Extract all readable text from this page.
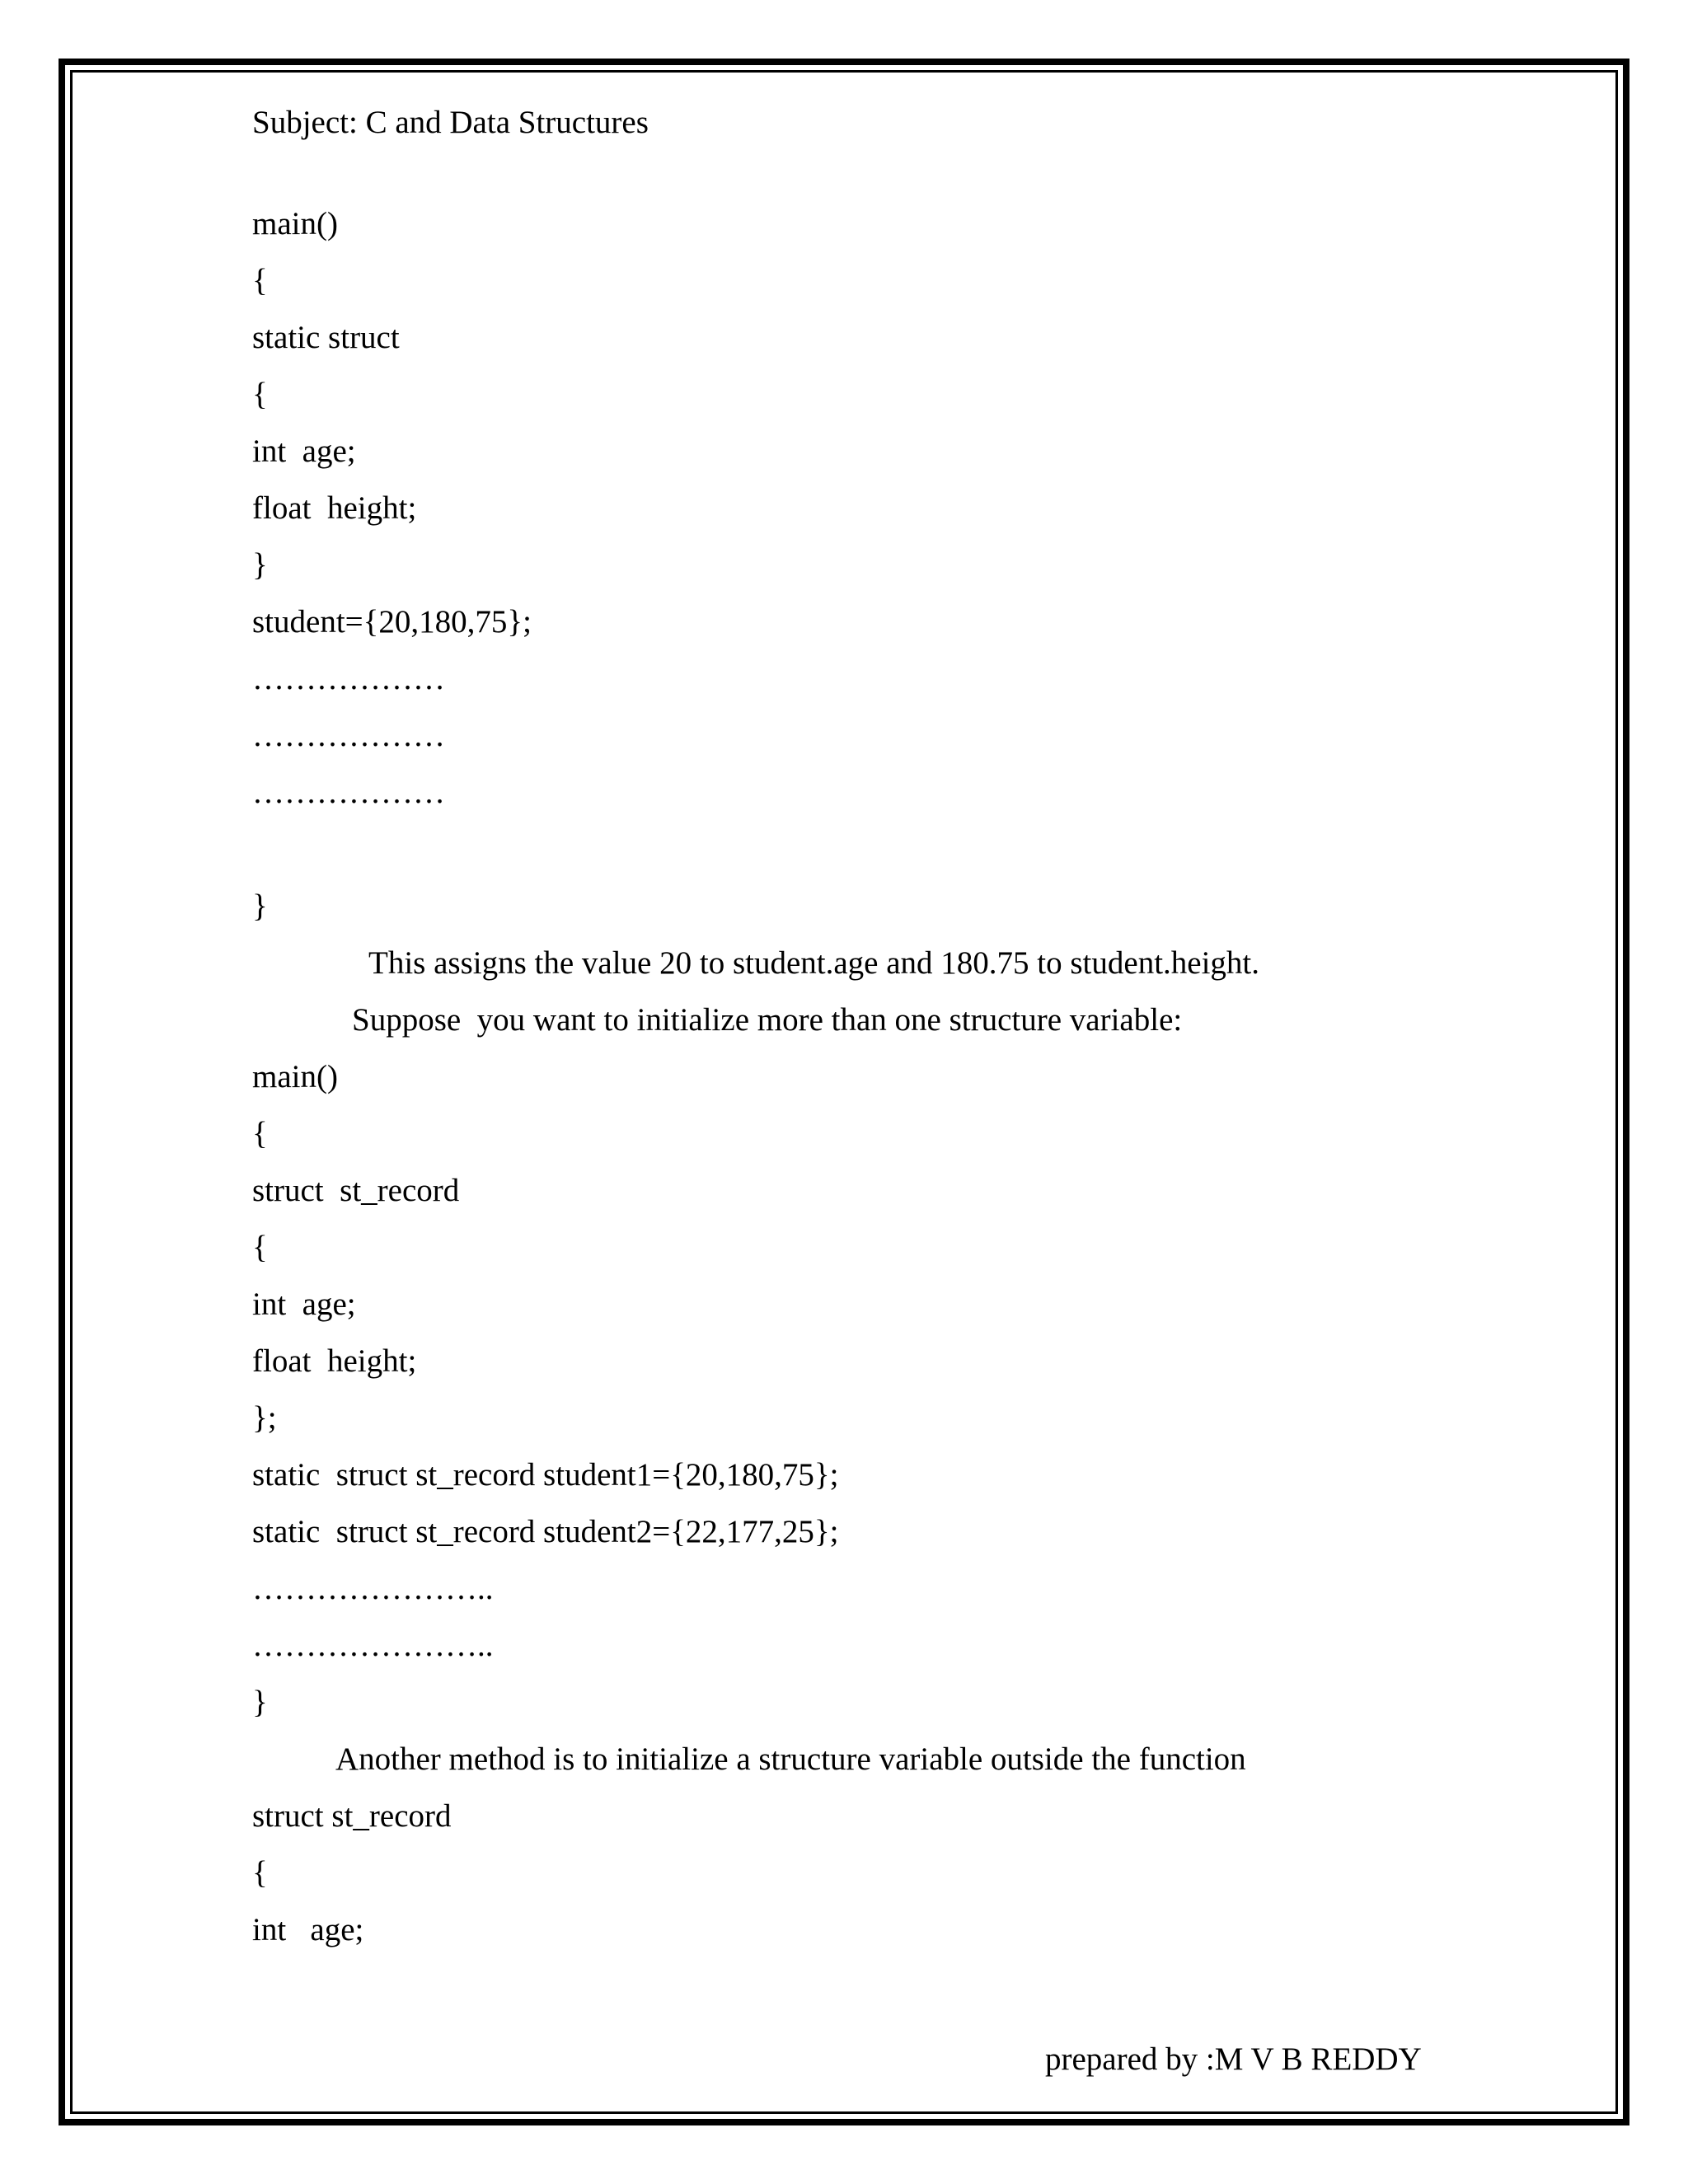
Subject: C and Data Structures
main()
{
static struct
{
int  age;
float  height;
}
student={20,180,75};
………………
………………
………………
}
This assigns the value 20 to student.age and 180.75 to student.height.
Suppose  you want to initialize more than one structure variable:
main()
{
struct  st_record
{
int  age;
float  height;
};
static  struct st_record student1={20,180,75};
static  struct st_record student2={22,177,25};
…………………..
…………………..
}
Another method is to initialize a structure variable outside the function
struct st_record
{
int   age;
prepared by :M V B REDDY
